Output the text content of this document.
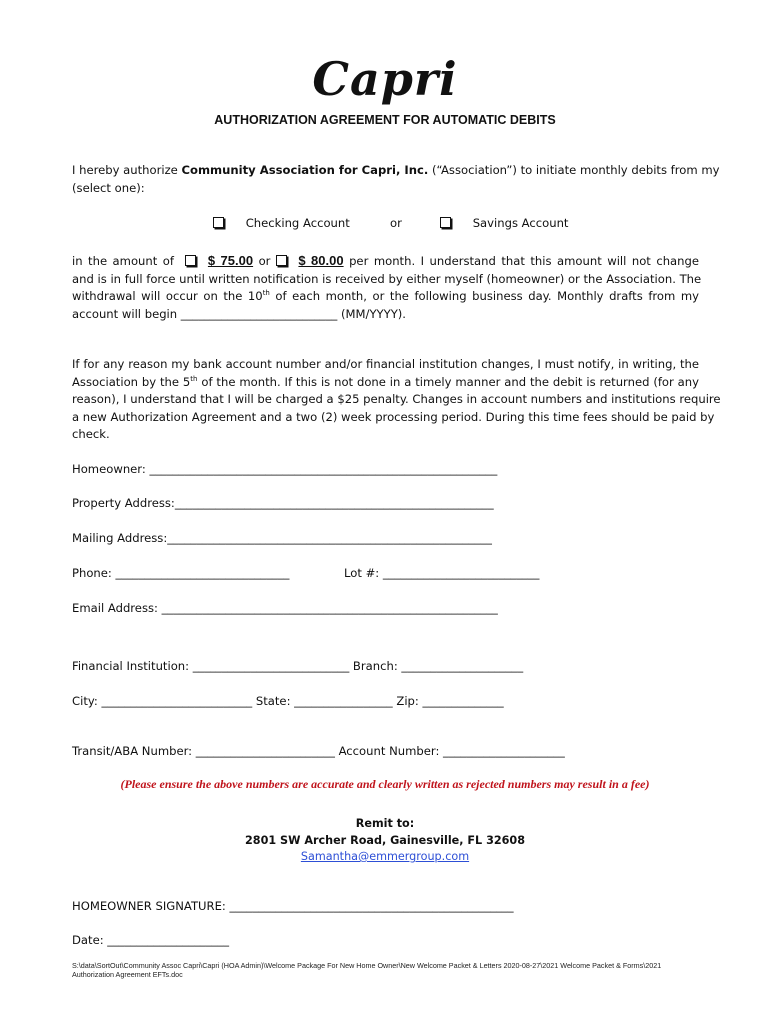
Capri
AUTHORIZATION AGREEMENT FOR AUTOMATIC DEBITS
I hereby authorize Community Association for Capri, Inc. (“Association”) to initiate monthly debits from my
(select one):
Checking Account	or	Savings Account
in the amount of	$ 75.00 or $ 80.00 per month. I understand that this amount will not change
and is in full force until written notification is received by either myself (homeowner) or the Association. The
withdrawal will occur on the 10th of each month, or the following business day. Monthly drafts from my
account will begin ___________________________ (MM/YYYY).
If for any reason my bank account number and/or financial institution changes, I must notify, in writing, the
Association by the 5th of the month. If this is not done in a timely manner and the debit is returned (for any
reason), I understand that I will be charged a $25 penalty. Changes in account numbers and institutions require
a new Authorization Agreement and a two (2) week processing period. During this time fees should be paid by
check.
Homeowner: ____________________________________________________________
Property Address:_______________________________________________________
Mailing Address:________________________________________________________
Phone: ______________________________	Lot #: ___________________________
Email Address: __________________________________________________________
Financial Institution: ___________________________ Branch: _____________________
City: __________________________ State: _________________ Zip: ______________
Transit/ABA Number: ________________________ Account Number: _____________________
(Please ensure the above numbers are accurate and clearly written as rejected numbers may result in a fee)
Remit to:
2801 SW Archer Road, Gainesville, FL 32608
Samantha@emmergroup.com
HOMEOWNER SIGNATURE: _________________________________________________
Date: _____________________
S:\data\SortOut\Community Assoc Capri\Capri (HOA Admin)\Welcome Package For New Home Owner\New Welcome Packet & Letters 2020-08-27\2021 Welcome Packet & Forms\2021
Authorization Agreement EFTs.doc
